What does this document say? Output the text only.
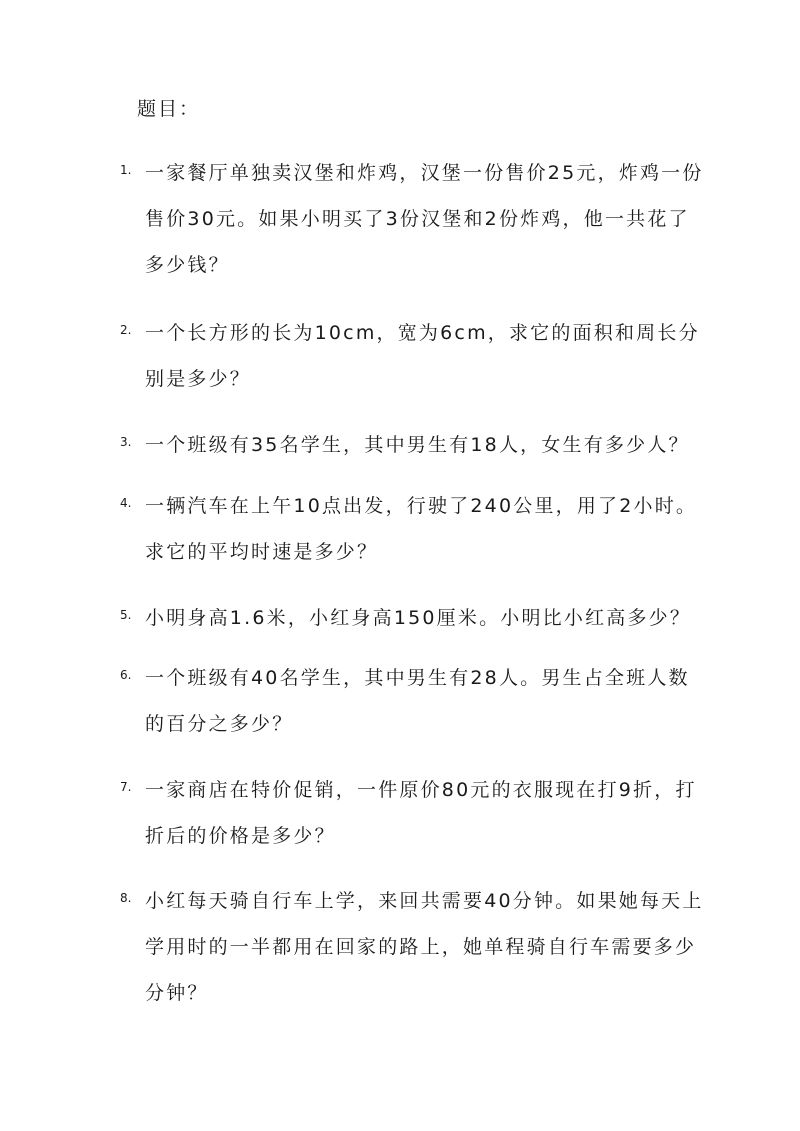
题目：
1. 一家餐厅单独卖汉堡和炸鸡，汉堡一份售价25元，炸鸡一份售价30元。如果小明买了3份汉堡和2份炸鸡，他一共花了多少钱？

2. 一个长方形的长为10cm，宽为6cm，求它的面积和周长分别是多少？

3. 一个班级有35名学生，其中男生有18人，女生有多少人？

4. 一辆汽车在上午10点出发，行驶了240公里，用了2小时。求它的平均时速是多少？

5. 小明身高1.6米，小红身高150厘米。小明比小红高多少？

6. 一个班级有40名学生，其中男生有28人。男生占全班人数的百分之多少？

7. 一家商店在特价促销，一件原价80元的衣服现在打9折，打折后的价格是多少？

8. 小红每天骑自行车上学，来回共需要40分钟。如果她每天上学用时的一半都用在回家的路上，她单程骑自行车需要多少分钟？
